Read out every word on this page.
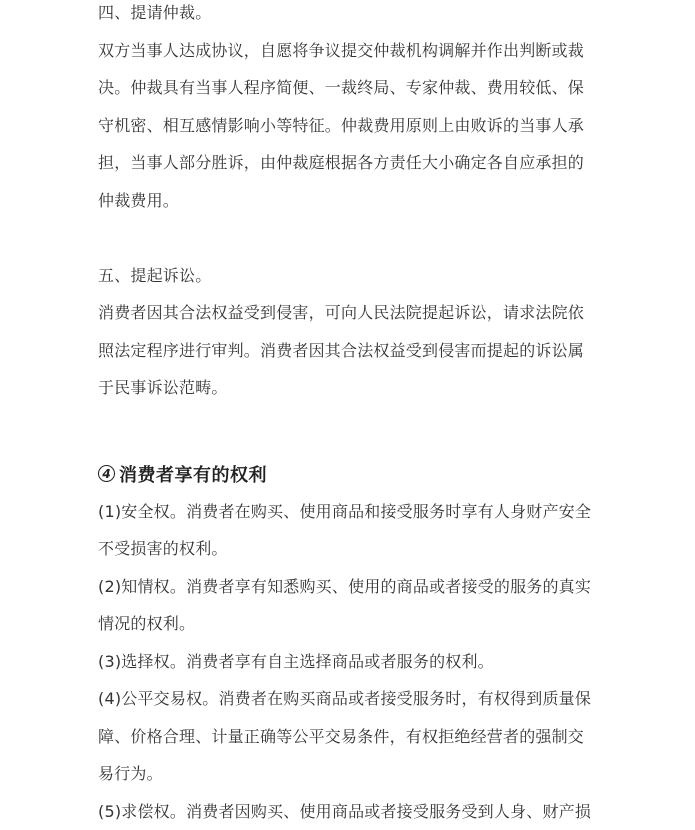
四、提请仲裁。
双方当事人达成协议，自愿将争议提交仲裁机构调解并作出判断或裁
决。仲裁具有当事人程序简便、一裁终局、专家仲裁、费用较低、保
守机密、相互感情影响小等特征。仲裁费用原则上由败诉的当事人承
担，当事人部分胜诉，由仲裁庭根据各方责任大小确定各自应承担的
仲裁费用。
五、提起诉讼。
消费者因其合法权益受到侵害，可向人民法院提起诉讼，请求法院依
照法定程序进行审判。消费者因其合法权益受到侵害而提起的诉讼属
于民事诉讼范畴。
4 消费者享有的权利
(1)安全权。消费者在购买、使用商品和接受服务时享有人身财产安全
不受损害的权利。
(2)知情权。消费者享有知悉购买、使用的商品或者接受的服务的真实
情况的权利。
(3)选择权。消费者享有自主选择商品或者服务的权利。
(4)公平交易权。消费者在购买商品或者接受服务时，有权得到质量保
障、价格合理、计量正确等公平交易条件，有权拒绝经营者的强制交
易行为。
(5)求偿权。消费者因购买、使用商品或者接受服务受到人身、财产损
